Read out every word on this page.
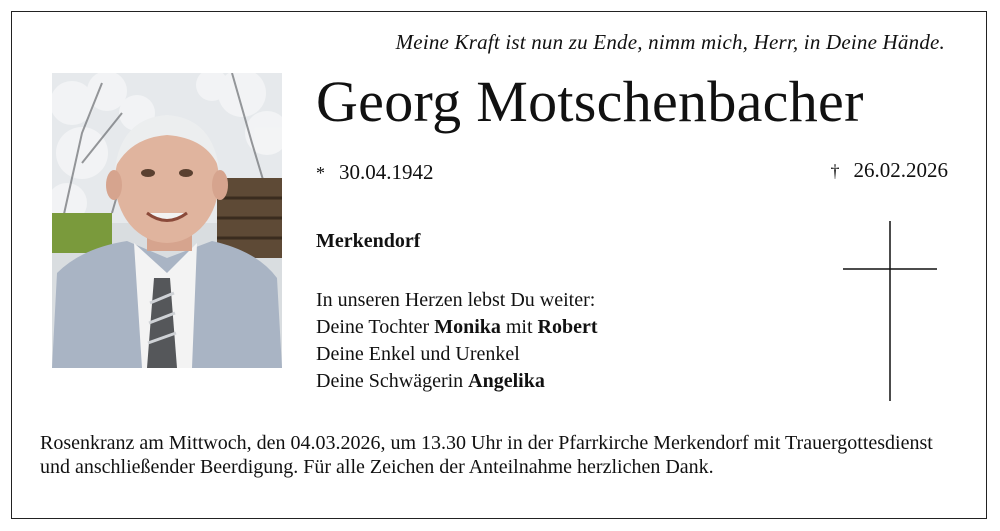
Meine Kraft ist nun zu Ende, nimm mich, Herr, in Deine Hände.
Georg Motschenbacher
* 30.04.1942	† 26.02.2026
Merkendorf
In unseren Herzen lebst Du weiter:
Deine Tochter Monika mit Robert
Deine Enkel und Urenkel
Deine Schwägerin Angelika
Rosenkranz am Mittwoch, den 04.03.2026, um 13.30 Uhr in der Pfarrkirche Merkendorf mit Trauergottesdienst und anschließender Beerdigung. Für alle Zeichen der Anteilnahme herzlichen Dank.
